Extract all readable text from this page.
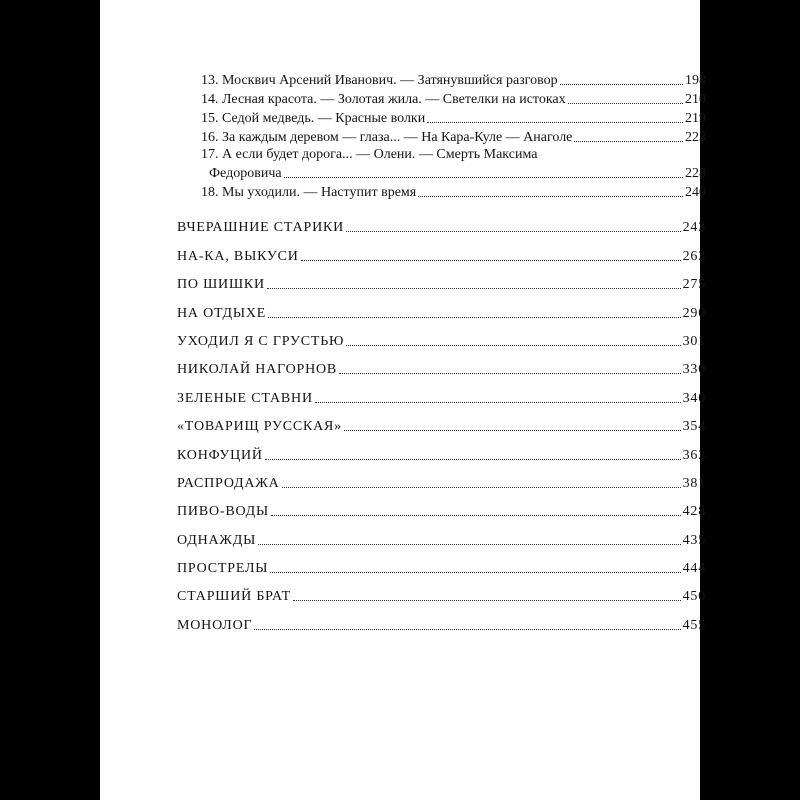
13. Москвич Арсений Иванович. — Затянувшийся разговор	198
14. Лесная красота. — Золотая жила. — Светелки на истоках	210
15. Седой медведь. — Красные волки	219
16. За каждым деревом — глаза... — На Кара-Куле — Анаголе	223
17. А если будет дорога... — Олени. — Смерть Максима
Федоровича	228
18. Мы уходили. — Наступит время	240
ВЧЕРАШНИЕ СТАРИКИ	243
НА-КА, ВЫКУСИ	263
ПО ШИШКИ	275
НА ОТДЫХЕ	290
УХОДИЛ Я С ГРУСТЬЮ	301
НИКОЛАЙ НАГОРНОВ	330
ЗЕЛЕНЫЕ СТАВНИ	340
«ТОВАРИЩ РУССКАЯ»	354
КОНФУЦИЙ	363
РАСПРОДАЖА	381
ПИВО-ВОДЫ	428
ОДНАЖДЫ	435
ПРОСТРЕЛЫ	444
СТАРШИЙ БРАТ	450
МОНОЛОГ	455
